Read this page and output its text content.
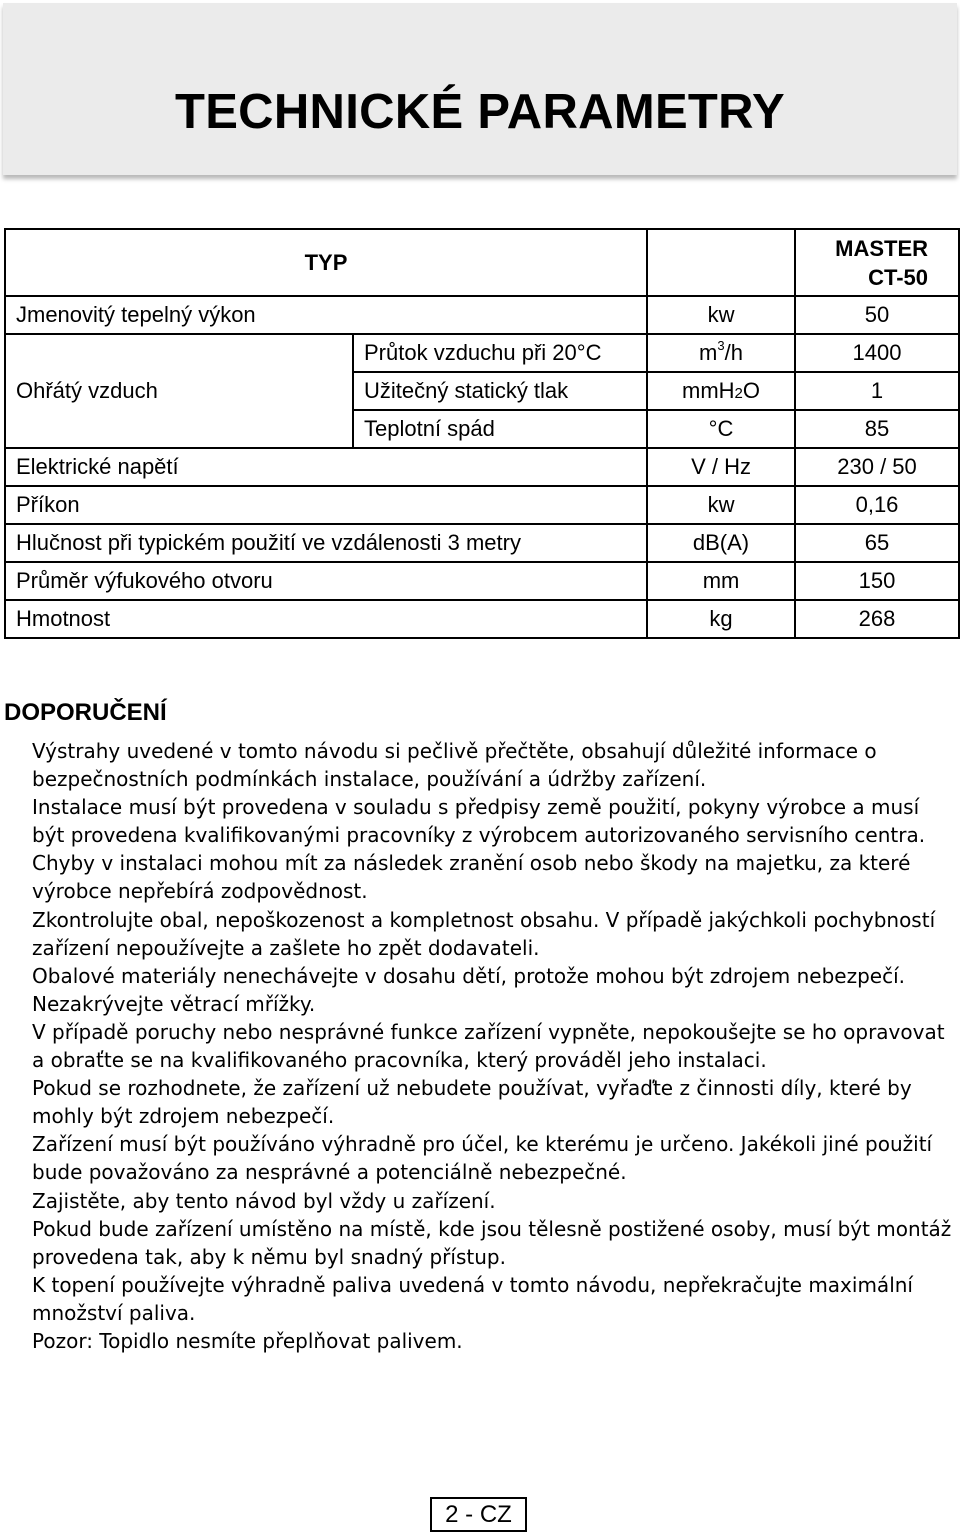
TECHNICKÉ PARAMETRY
TYP			MASTER
CT-50

Jmenovitý tepelný výkon		kw	50
Ohřátý vzduch	Průtok vzduchu při 20°C	$m^3/h$	1400
	Užitečný statický tlak	mmH2O	1
	Teplotní spád	°C	85
Elektrické napětí		V / Hz	230 / 50
Příkon		kw	0,16
Hlučnost při typickém použití ve vzdálenosti 3 metry		dB(A)	65
Průměr výfukového otvoru		mm	150
Hmotnost		kg	268
DOPORUČENÍ

Výstrahy uvedené v tomto návodu si pečlivě přečtěte, obsahují důležité informace o bezpečnostních podmínkách instalace, používání a údržby zařízení.

Instalace musí být provedena v souladu s předpisy země použití, pokyny výrobce a musí být provedena kvalifikovanými pracovníky z výrobcem autorizovaného servisního centra. Chyby v instalaci mohou mít za následek zranění osob nebo škody na majetku, za které výrobce nepřebírá zodpovědnost.

Zkontrolujte obal, nepoškozenost a kompletnost obsahu. V případě jakýchkoli pochybností zařízení nepoužívejte a zašlete ho zpět dodavateli.

Obalové materiály nenechávejte v dosahu dětí, protože mohou být zdrojem nebezpečí.

Nezakrývejte větrací mřížky.

V případě poruchy nebo nesprávné funkce zařízení vypněte, nepokoušejte se ho opravovat a obraťte se na kvalifikovaného pracovníka, který prováděl jeho instalaci.

Pokud se rozhodnete, že zařízení už nebudete používat, vyřaďte z činnosti díly, které by mohly být zdrojem nebezpečí.

Zařízení musí být používáno výhradně pro účel, ke kterému je určeno. Jakékoli jiné použití bude považováno za nesprávné a potenciálně nebezpečné.

Zajistěte, aby tento návod byl vždy u zařízení.

Pokud bude zařízení umístěno na místě, kde jsou tělesně postižené osoby, musí být montáž provedena tak, aby k němu byl snadný přístup.

K topení používejte výhradně paliva uvedená v tomto návodu, nepřekračujte maximální množství paliva.

Pozor: Topidlo nesmíte přeplňovat palivem.

2 - CZ
